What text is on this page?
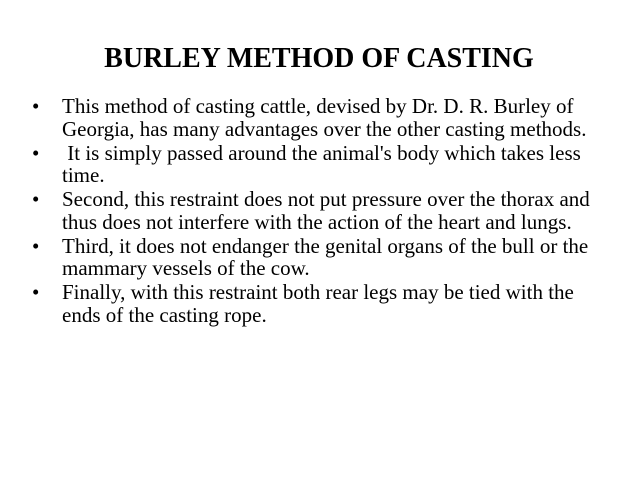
BURLEY METHOD OF CASTING
• This method of casting cattle, devised by Dr. D. R. Burley of Georgia, has many advantages over the other casting methods.
• It is simply passed around the animal's body which takes less time.
• Second, this restraint does not put pressure over the thorax and thus does not interfere with the action of the heart and lungs.
• Third, it does not endanger the genital organs of the bull or the mammary vessels of the cow.
• Finally, with this restraint both rear legs may be tied with the ends of the casting rope.
